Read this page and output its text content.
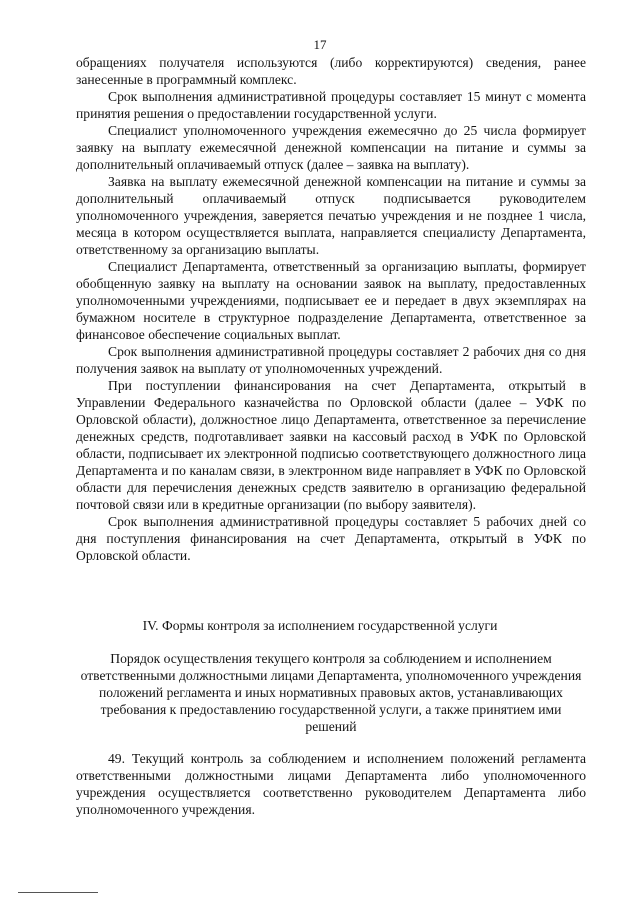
17

обращениях получателя используются (либо корректируются) сведения, ранее занесенные в программный комплекс.

Срок выполнения административной процедуры составляет 15 минут с момента принятия решения о предоставлении государственной услуги.

Специалист уполномоченного учреждения ежемесячно до 25 числа формирует заявку на выплату ежемесячной денежной компенсации на питание и суммы за дополнительный оплачиваемый отпуск (далее – заявка на выплату).

Заявка на выплату ежемесячной денежной компенсации на питание и суммы за дополнительный оплачиваемый отпуск подписывается руководителем уполномоченного учреждения, заверяется печатью учреждения и не позднее 1 числа, месяца в котором осуществляется выплата, направляется специалисту Департамента, ответственному за организацию выплаты.

Специалист Департамента, ответственный за организацию выплаты, формирует обобщенную заявку на выплату на основании заявок на выплату, предоставленных уполномоченными учреждениями, подписывает ее и передает в двух экземплярах на бумажном носителе в структурное подразделение Департамента, ответственное за финансовое обеспечение социальных выплат.

Срок выполнения административной процедуры составляет 2 рабочих дня со дня получения заявок на выплату от уполномоченных учреждений.

При поступлении финансирования на счет Департамента, открытый в Управлении Федерального казначейства по Орловской области (далее – УФК по Орловской области), должностное лицо Департамента, ответственное за перечисление денежных средств, подготавливает заявки на кассовый расход в УФК по Орловской области, подписывает их электронной подписью соответствующего должностного лица Департамента и по каналам связи, в электронном виде направляет в УФК по Орловской области для перечисления денежных средств заявителю в организацию федеральной почтовой связи или в кредитные организации (по выбору заявителя).

Срок выполнения административной процедуры составляет 5 рабочих дней со дня поступления финансирования на счет Департамента, открытый в УФК по Орловской области.

IV. Формы контроля за исполнением государственной услуги
Порядок осуществления текущего контроля за соблюдением и исполнением ответственными должностными лицами Департамента, уполномоченного учреждения положений регламента и иных нормативных правовых актов, устанавливающих требования к предоставлению государственной услуги, а также принятием ими решений

49. Текущий контроль за соблюдением и исполнением положений регламента ответственными должностными лицами Департамента либо уполномоченного учреждения осуществляется соответственно руководителем Департамента либо уполномоченного учреждения.
